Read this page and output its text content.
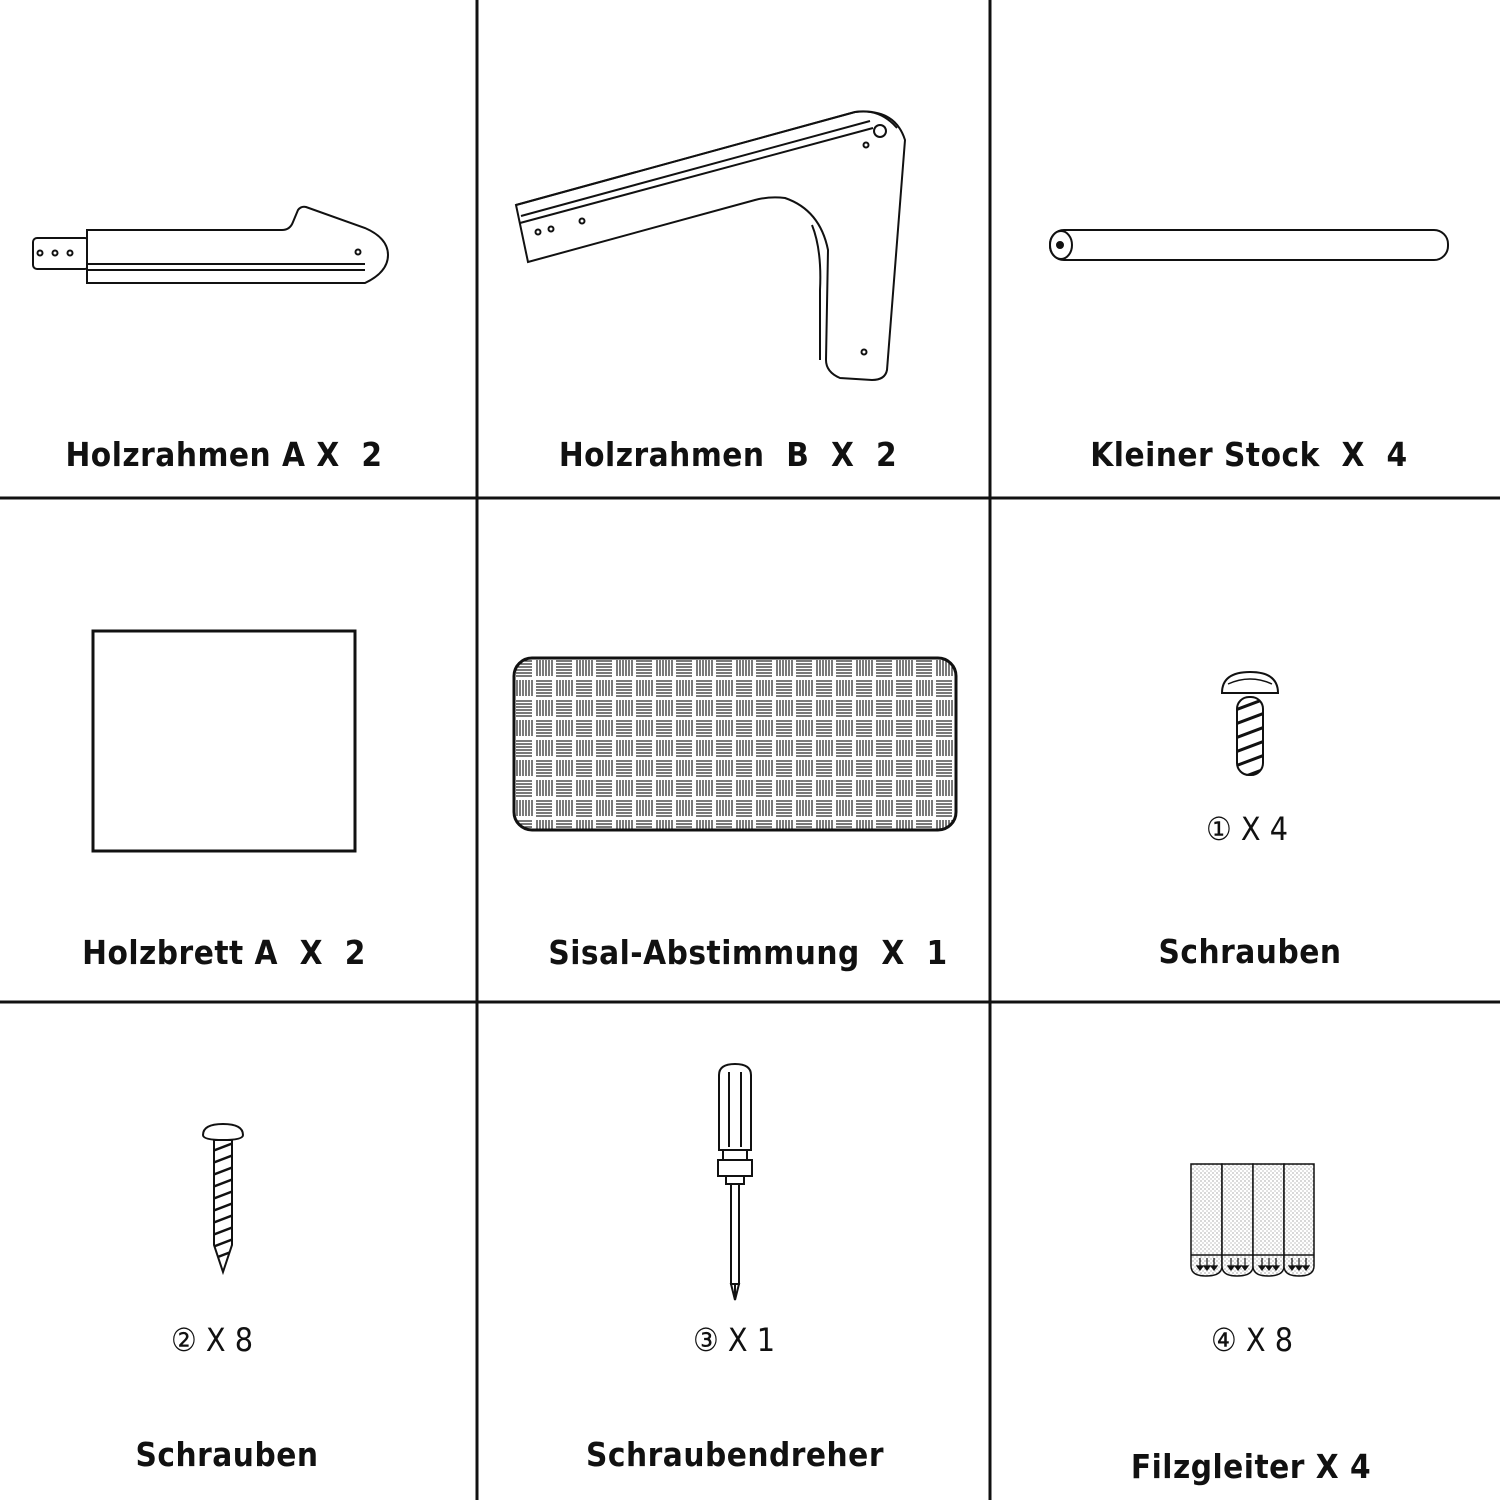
Holzrahmen A X  2	Holzrahmen  B  X  2	Kleiner Stock  X  4
Holzbrett A  X  2	Sisal-Abstimmung  X  1
① X 4
Schrauben
② X 8
Schrauben
③ X 1
Schraubendreher
④ X 8
Filzgleiter X 4
